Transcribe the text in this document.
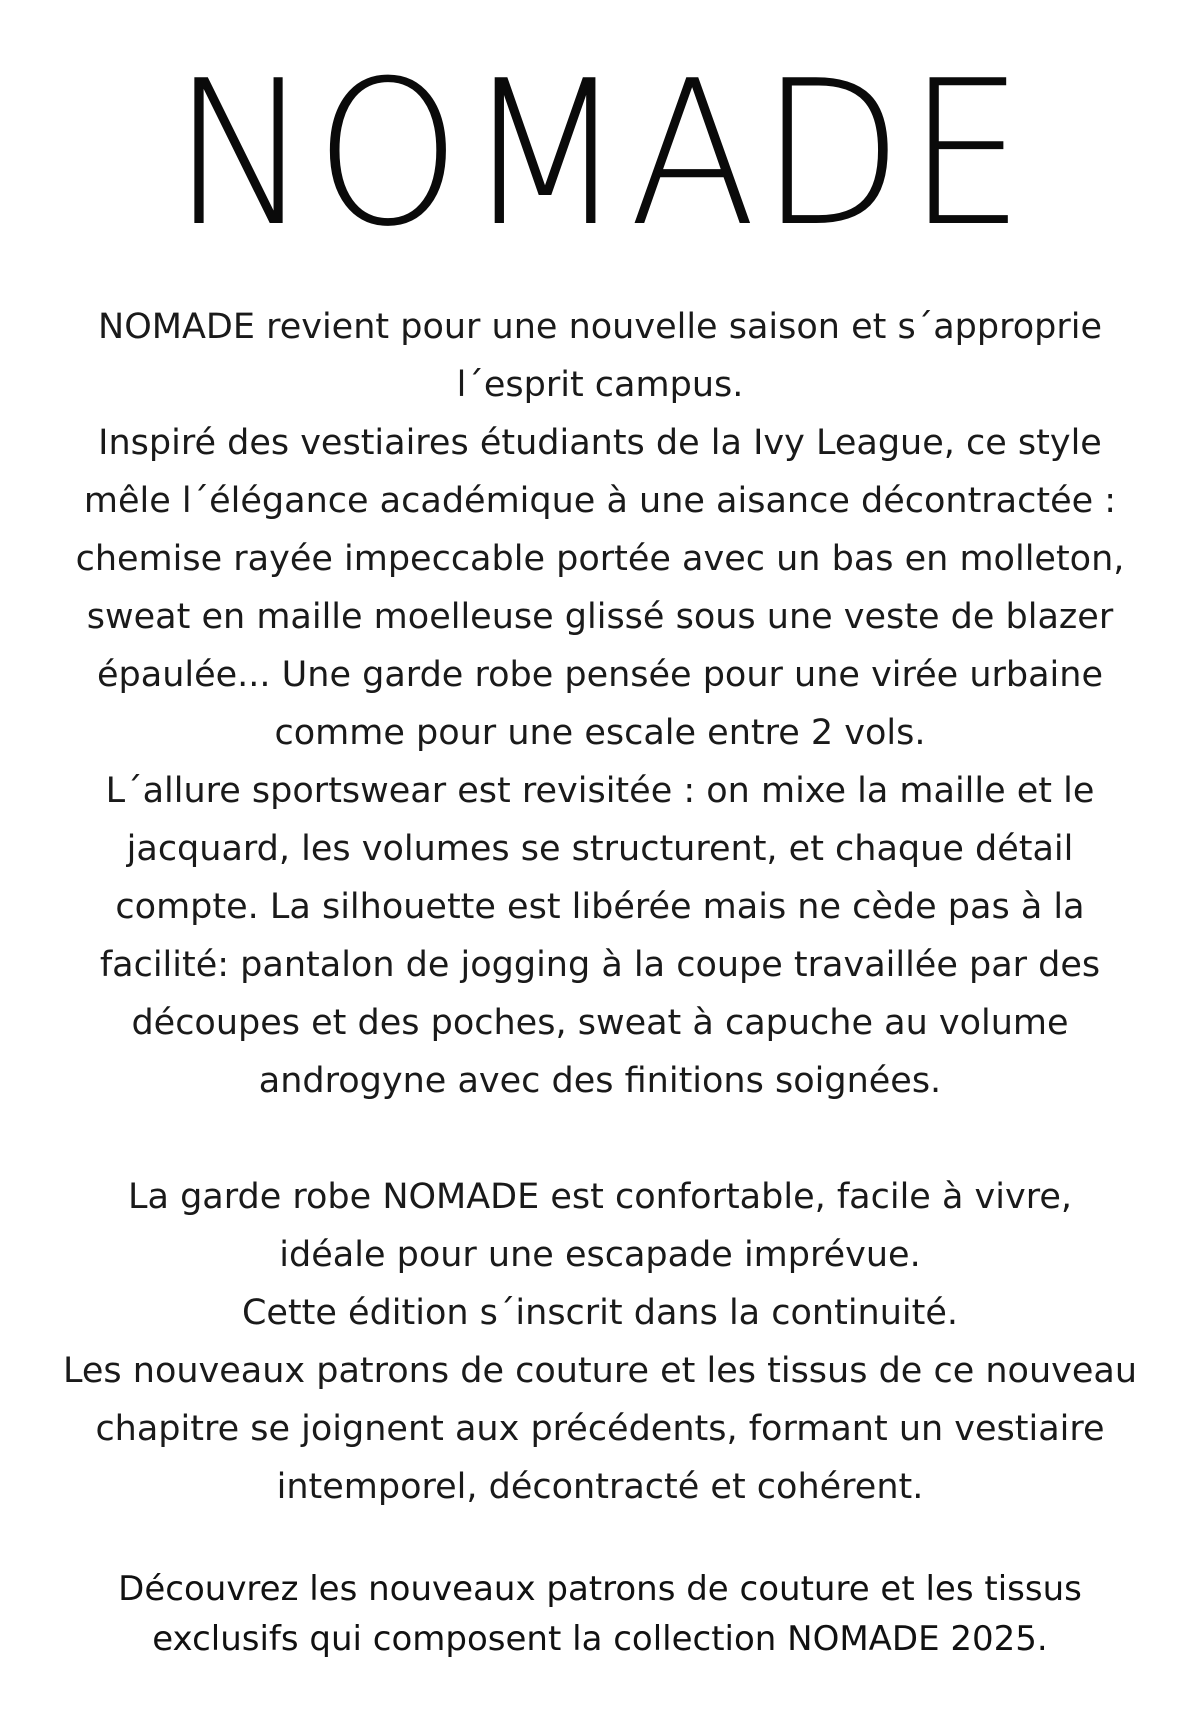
NOMADE
NOMADE revient pour une nouvelle saison et s´approprie
l´esprit campus.
Inspiré des vestiaires étudiants de la Ivy League, ce style
mêle l´élégance académique à une aisance décontractée :
chemise rayée impeccable portée avec un bas en molleton,
sweat en maille moelleuse glissé sous une veste de blazer
épaulée... Une garde robe pensée pour une virée urbaine
comme pour une escale entre 2 vols.
L´allure sportswear est revisitée : on mixe la maille et le
jacquard, les volumes se structurent, et chaque détail
compte. La silhouette est libérée mais ne cède pas à la
facilité: pantalon de jogging à la coupe travaillée par des
découpes et des poches, sweat à capuche au volume
androgyne avec des finitions soignées.
La garde robe NOMADE est confortable, facile à vivre,
idéale pour une escapade imprévue.
Cette édition s´inscrit dans la continuité.
Les nouveaux patrons de couture et les tissus de ce nouveau
chapitre se joignent aux précédents, formant un vestiaire
intemporel, décontracté et cohérent.
Découvrez les nouveaux patrons de couture et les tissus
exclusifs qui composent la collection NOMADE 2025.
